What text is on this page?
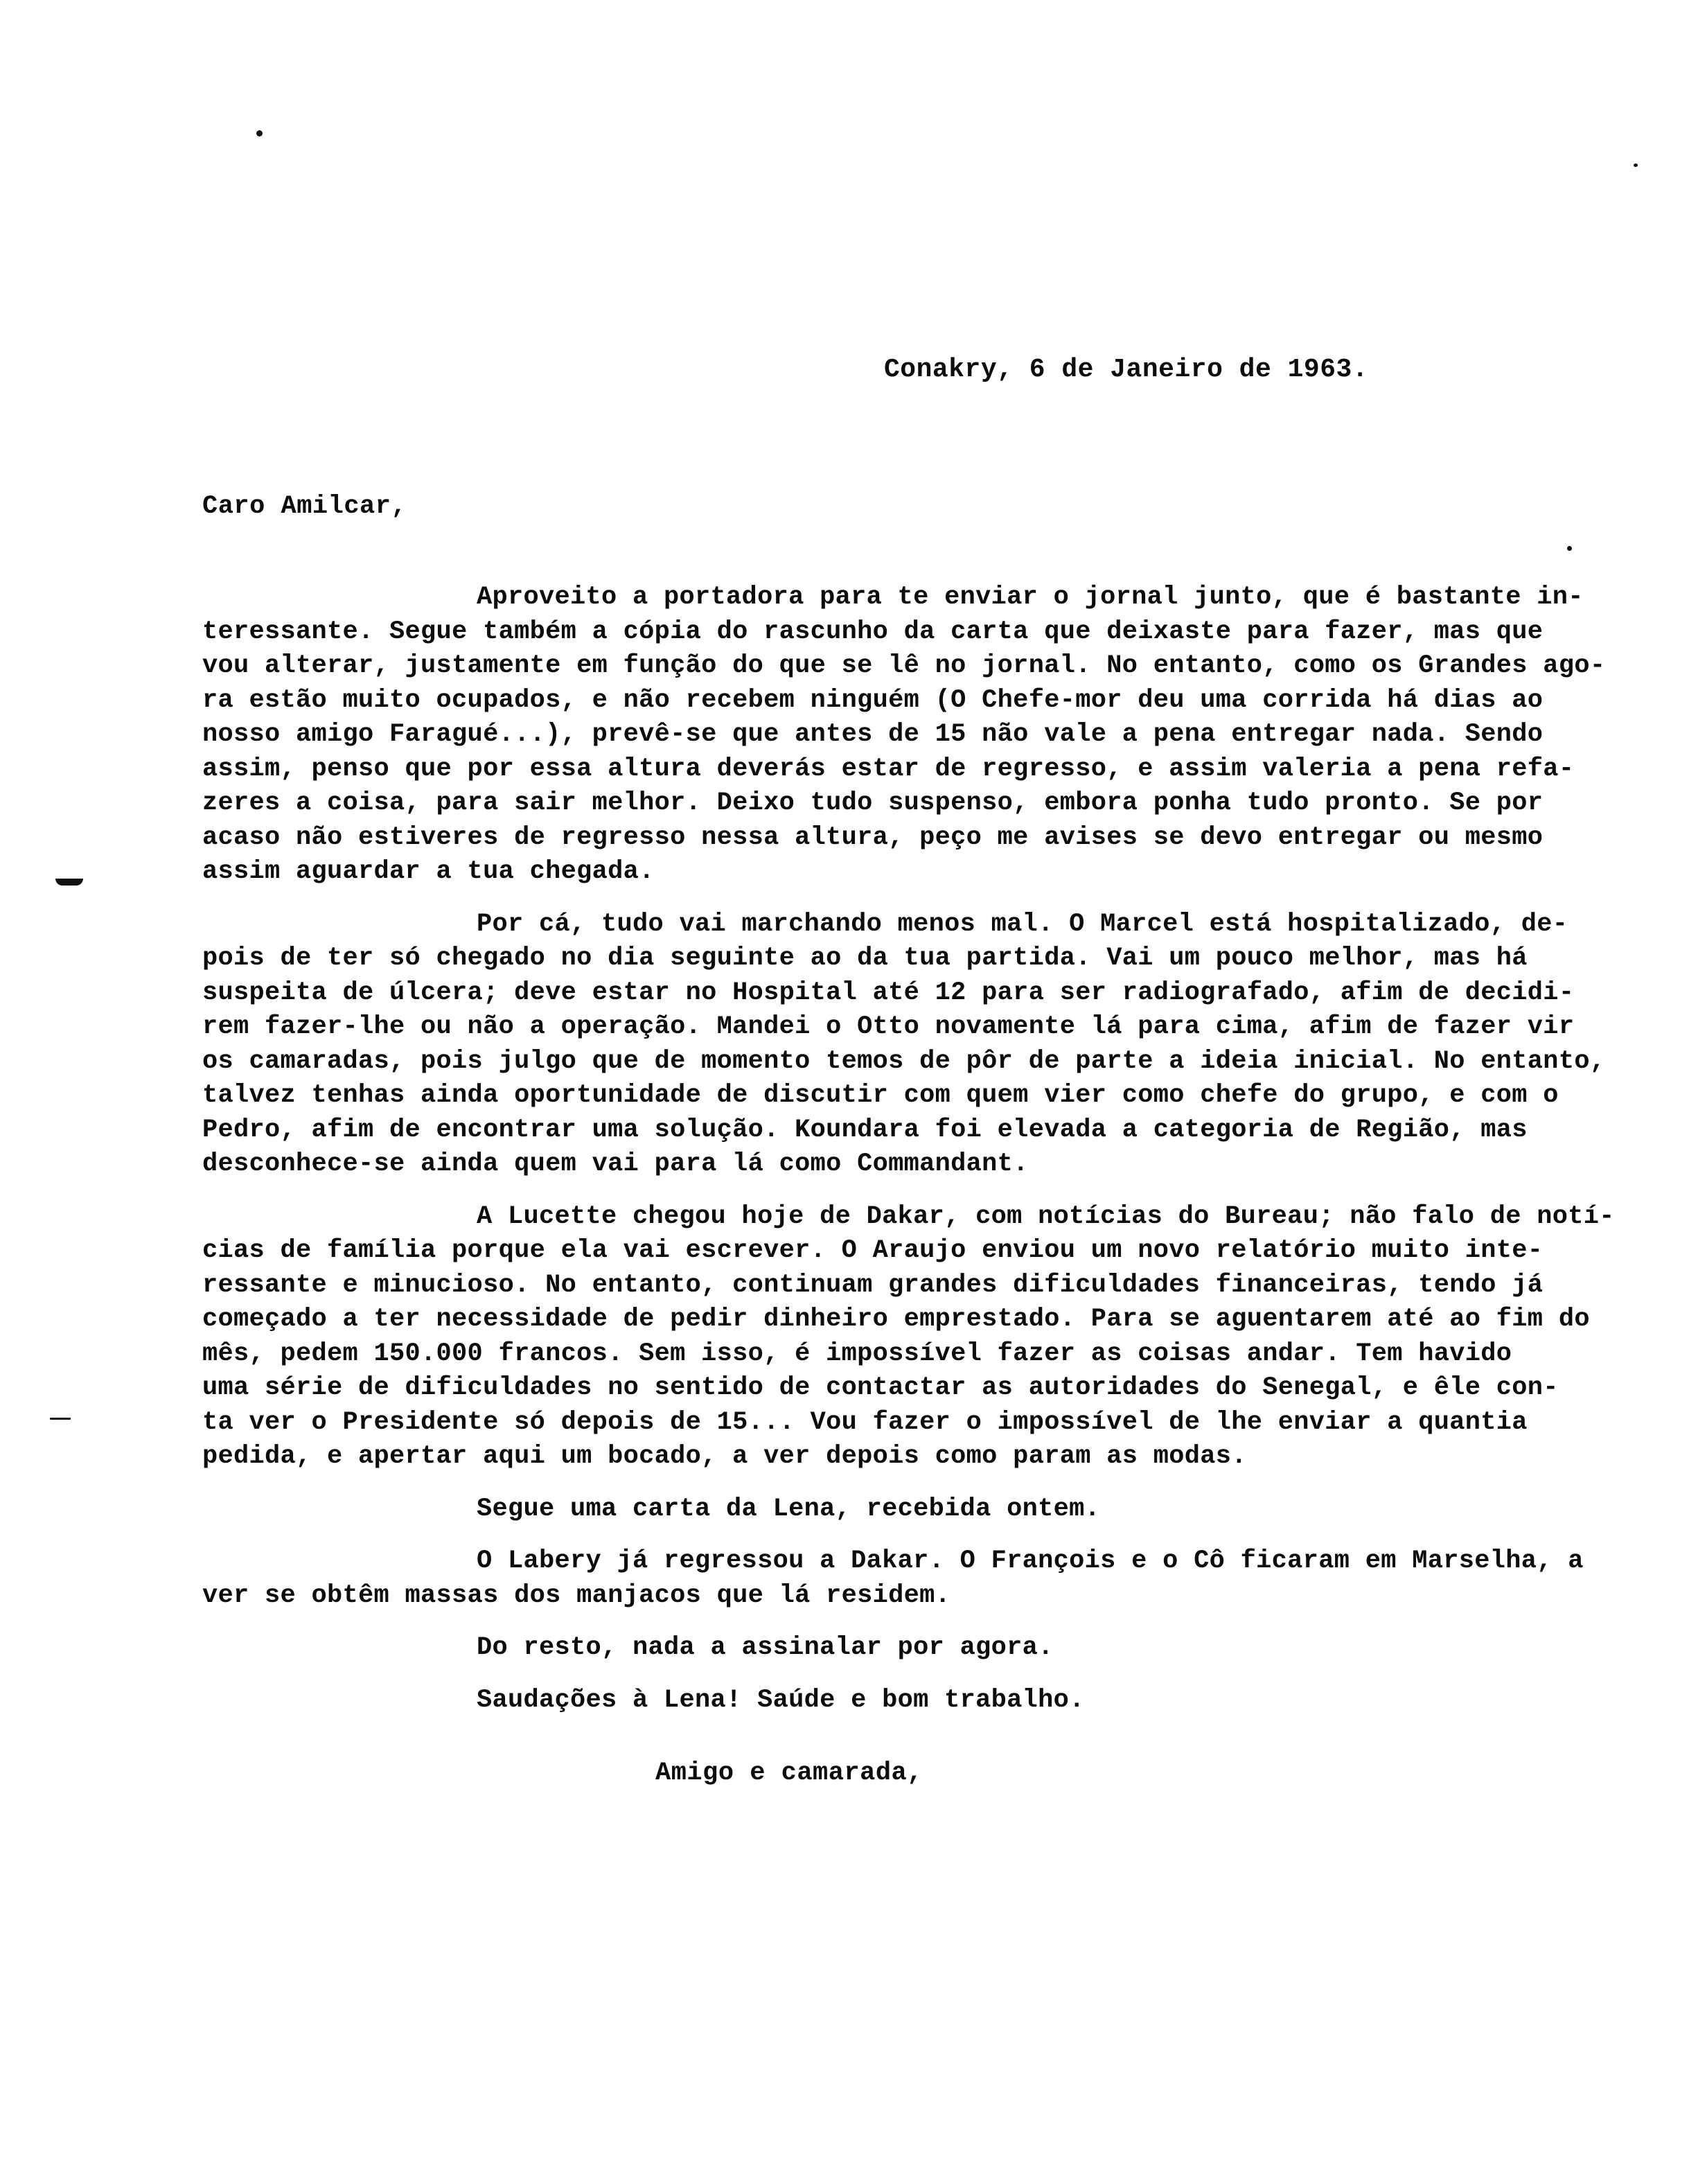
Conakry, 6 de Janeiro de 1963.
Caro Amilcar,
Aproveito a portadora para te enviar o jornal junto, que é bastante in-
teressante. Segue também a cópia do rascunho da carta que deixaste para fazer, mas que
vou alterar, justamente em função do que se lê no jornal. No entanto, como os Grandes ago-
ra estão muito ocupados, e não recebem ninguém (O Chefe-mor deu uma corrida há dias ao
nosso amigo Faragué...), prevê-se que antes de 15 não vale a pena entregar nada. Sendo
assim, penso que por essa altura deverás estar de regresso, e assim valeria a pena refa-
zeres a coisa, para sair melhor. Deixo tudo suspenso, embora ponha tudo pronto. Se por
acaso não estiveres de regresso nessa altura, peço me avises se devo entregar ou mesmo
assim aguardar a tua chegada.
Por cá, tudo vai marchando menos mal. O Marcel está hospitalizado, de-
pois de ter só chegado no dia seguinte ao da tua partida. Vai um pouco melhor, mas há
suspeita de úlcera; deve estar no Hospital até 12 para ser radiografado, afim de decidi-
rem fazer-lhe ou não a operação. Mandei o Otto novamente lá para cima, afim de fazer vir
os camaradas, pois julgo que de momento temos de pôr de parte a ideia inicial. No entanto,
talvez tenhas ainda oportunidade de discutir com quem vier como chefe do grupo, e com o
Pedro, afim de encontrar uma solução. Koundara foi elevada a categoria de Região, mas
desconhece-se ainda quem vai para lá como Commandant.
A Lucette chegou hoje de Dakar, com notícias do Bureau; não falo de notí-
cias de família porque ela vai escrever. O Araujo enviou um novo relatório muito inte-
ressante e minucioso. No entanto, continuam grandes dificuldades financeiras, tendo já
começado a ter necessidade de pedir dinheiro emprestado. Para se aguentarem até ao fim do
mês, pedem 150.000 francos. Sem isso, é impossível fazer as coisas andar. Tem havido
uma série de dificuldades no sentido de contactar as autoridades do Senegal, e êle con-
ta ver o Presidente só depois de 15... Vou fazer o impossível de lhe enviar a quantia
pedida, e apertar aqui um bocado, a ver depois como param as modas.
Segue uma carta da Lena, recebida ontem.
O Labery já regressou a Dakar. O François e o Cô ficaram em Marselha, a
ver se obtêm massas dos manjacos que lá residem.
Do resto, nada a assinalar por agora.
Saudações à Lena! Saúde e bom trabalho.
Amigo e camarada,
